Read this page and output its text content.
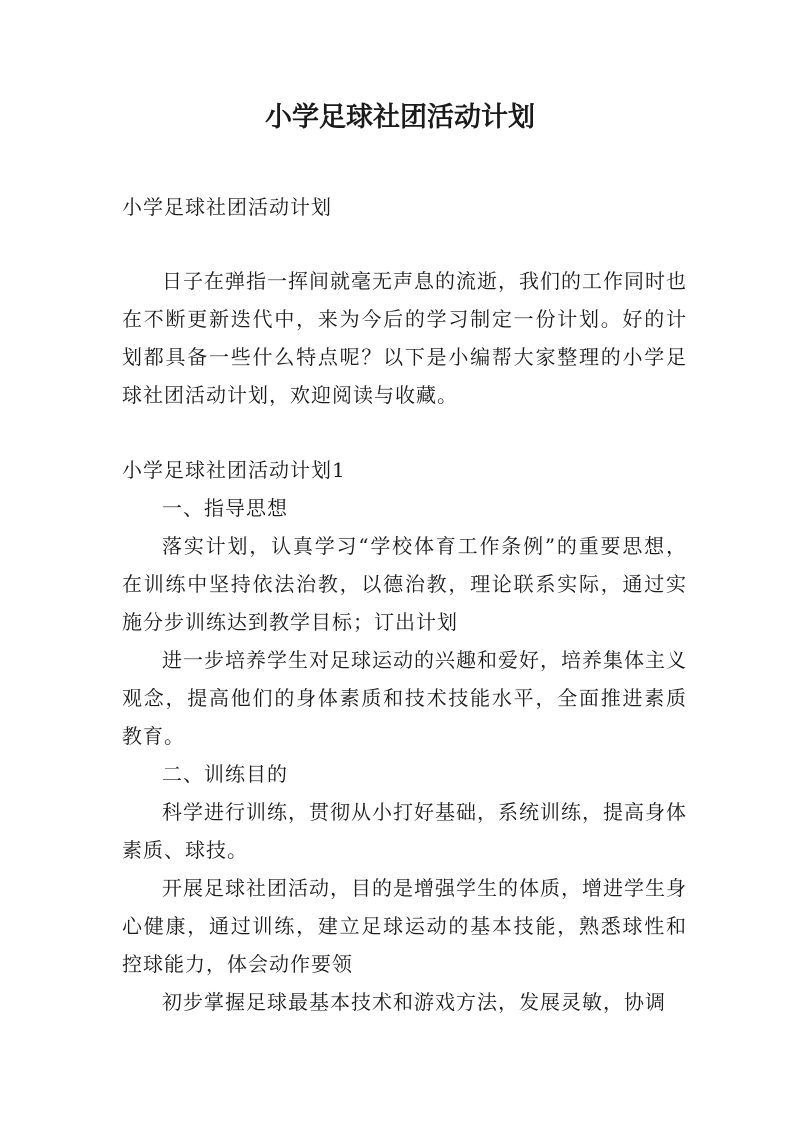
小学足球社团活动计划

小学足球社团活动计划

日子在弹指一挥间就毫无声息的流逝，我们的工作同时也在不断更新迭代中，来为今后的学习制定一份计划。好的计划都具备一些什么特点呢？以下是小编帮大家整理的小学足球社团活动计划，欢迎阅读与收藏。

小学足球社团活动计划1

一、指导思想

落实计划，认真学习“学校体育工作条例”的重要思想，在训练中坚持依法治教，以德治教，理论联系实际，通过实施分步训练达到教学目标；订出计划

进一步培养学生对足球运动的兴趣和爱好，培养集体主义观念，提高他们的身体素质和技术技能水平，全面推进素质教育。

二、训练目的

科学进行训练，贯彻从小打好基础，系统训练，提高身体素质、球技。

开展足球社团活动，目的是增强学生的体质，增进学生身心健康，通过训练，建立足球运动的基本技能，熟悉球性和控球能力，体会动作要领

初步掌握足球最基本技术和游戏方法，发展灵敏，协调
